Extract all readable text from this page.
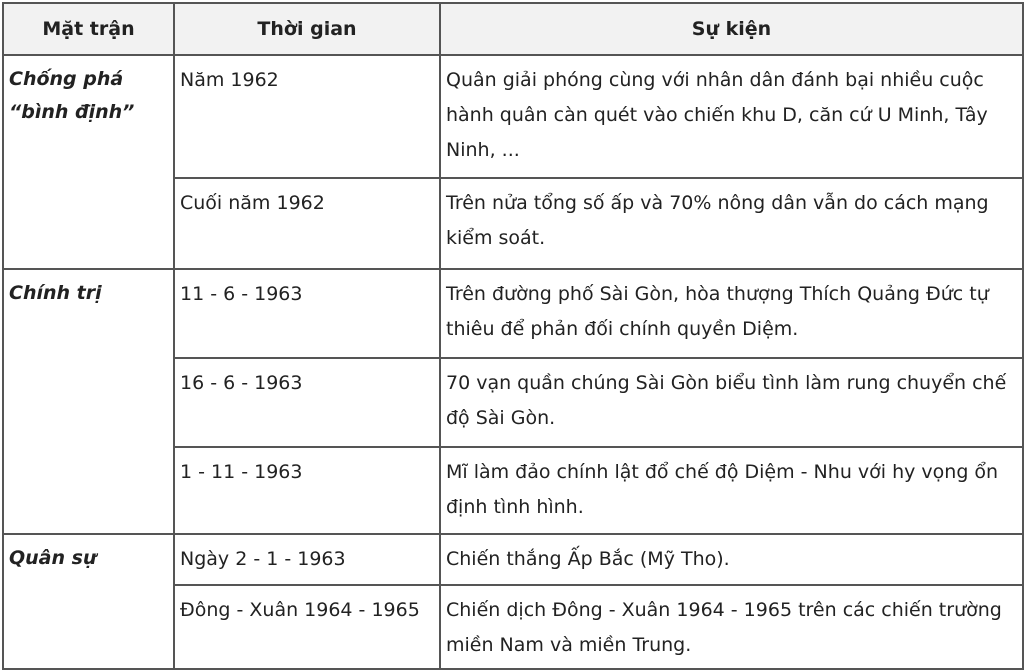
Mặt trận	Thời gian	Sự kiện
Chống phá “bình định”	Năm 1962	Quân giải phóng cùng với nhân dân đánh bại nhiều cuộc hành quân càn quét vào chiến khu D, căn cứ U Minh, Tây Ninh, ...
	Cuối năm 1962	Trên nửa tổng số ấp và 70% nông dân vẫn do cách mạng kiểm soát.
Chính trị	11 - 6 - 1963	Trên đường phố Sài Gòn, hòa thượng Thích Quảng Đức tự thiêu để phản đối chính quyền Diệm.
	16 - 6 - 1963	70 vạn quần chúng Sài Gòn biểu tình làm rung chuyển chế độ Sài Gòn.
	1 - 11 - 1963	Mĩ làm đảo chính lật đổ chế độ Diệm - Nhu với hy vọng ổn định tình hình.
Quân sự	Ngày 2 - 1 - 1963	Chiến thắng Ấp Bắc (Mỹ Tho).
	Đông - Xuân 1964 - 1965	Chiến dịch Đông - Xuân 1964 - 1965 trên các chiến trường miền Nam và miền Trung.
